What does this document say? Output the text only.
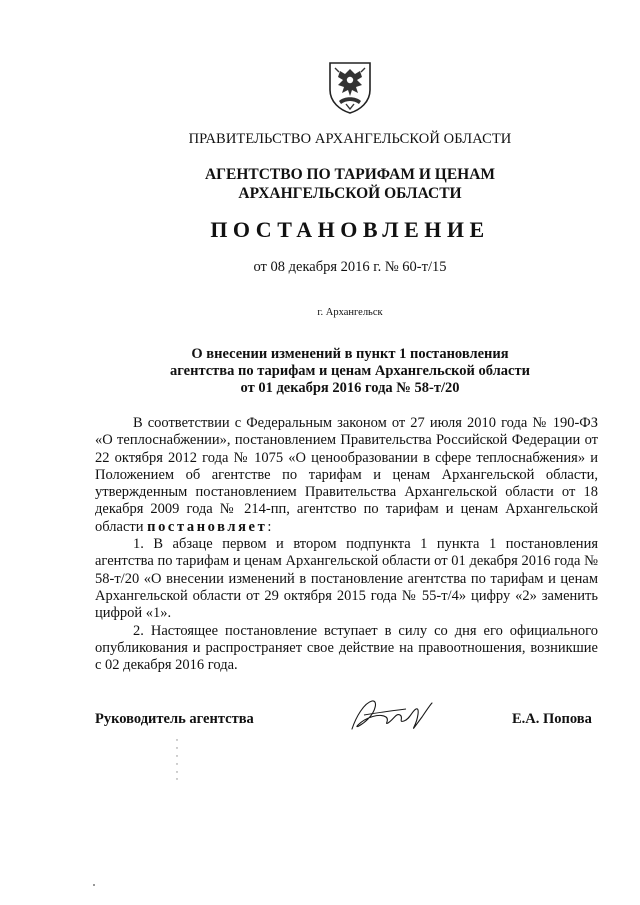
ПРАВИТЕЛЬСТВО АРХАНГЕЛЬСКОЙ ОБЛАСТИ
АГЕНТСТВО ПО ТАРИФАМ И ЦЕНАМ
АРХАНГЕЛЬСКОЙ ОБЛАСТИ
ПОСТАНОВЛЕНИЕ
от 08 декабря 2016 г. № 60-т/15
г. Архангельск
О внесении изменений в пункт 1 постановления
агентства по тарифам и ценам Архангельской области
от 01 декабря 2016 года № 58-т/20

В соответствии с Федеральным законом от 27 июля 2010 года № 190-ФЗ «О теплоснабжении», постановлением Правительства Российской Федерации от 22 октября 2012 года № 1075 «О ценообразовании в сфере теплоснабжения» и Положением об агентстве по тарифам и ценам Архангельской области, утвержденным постановлением Правительства Архангельской области от 18 декабря 2009 года № 214-пп, агентство по тарифам и ценам Архангельской области постановляет:

1. В абзаце первом и втором подпункта 1 пункта 1 постановления агентства по тарифам и ценам Архангельской области от 01 декабря 2016 года № 58-т/20 «О внесении изменений в постановление агентства по тарифам и ценам Архангельской области от 29 октября 2015 года № 55-т/4» цифру «2» заменить цифрой «1».

2. Настоящее постановление вступает в силу со дня его официального опубликования и распространяет свое действие на правоотношения, возникшие с 02 декабря 2016 года.

Руководитель агентства	Е.А. Попова
